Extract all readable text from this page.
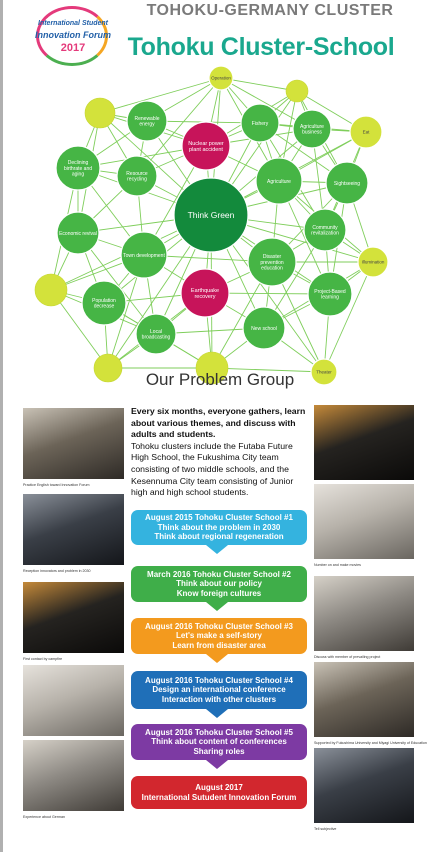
International Student
Innovation Forum
2017
TOHOKU-GERMANY CLUSTER
Tohoku Cluster-School
Think Green
Nuclear power plant accident
Earthquake recovery
Renewable energy	Fishery
Agriculture business
Declining birthrate and aging	Resource recycling	Agriculture	Sightseeing
Economic revival
Community revitalization
Town development	Disaster prevention education
Population decrease
Project-Based learning
Local broadcasting
New school
Operation
Eat
Illumination
Theater
Our Problem Group
Every six months, everyone gathers, learn about various themes, and discuss with adults and students.
Tohoku clusters include the Futaba Future High School, the Fukushima City team consisting of two middle schools, and the Kesennuma City team consisting of Junior high and high school students.
Practice English toward Innovation Forum
Reception innovators and problem in 2030
First contact by campfire
Experience about German
Number on and make movies
Discuss with member of prevailing project
Supported by Fukushima University and Miyagi University of Education
Tell subjective
August 2015 Tohoku Cluster School #1
Think about the problem in 2030
Think about regional regeneration
March 2016 Tohoku Cluster School #2
Think about our policy
Know foreign cultures
August 2016 Tohoku Cluster School #3
Let's make a self-story
Learn from disaster area
August 2016 Tohoku Cluster School #4
Design an international conference
Interaction with other clusters
August 2016 Tohoku Cluster School #5
Think about content of conferences
Sharing roles
August 2017
International Sutudent Innovation Forum
